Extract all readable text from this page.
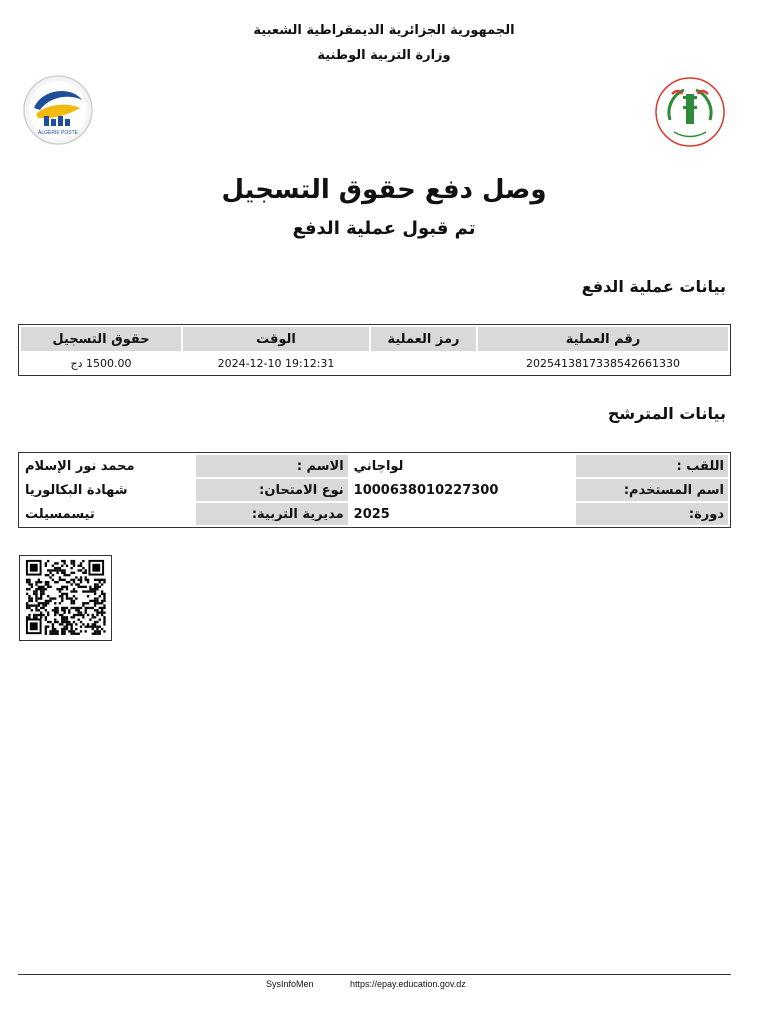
الجمهورية الجزائرية الديمقراطية الشعبية
وزارة التربية الوطنية
ALGÉRIE POSTE
وصل دفع حقوق التسجيل
تم قبول عملية الدفع
بيانات عملية الدفع
رقم العملية	رمز العملية	الوقت	حقوق التسجيل
2025413817338542661330		2024-12-10 19:12:31	1500.00 دج
بيانات المترشح
اللقب :	لواجاني	الاسم :	محمد نور الإسلام
اسم المستخدم:	1000638010227300	نوع الامتحان:	شهادة البكالوريا
دورة:	2025	مديرية التربية:	تيسمسيلت
SysInfoMen	https://epay.education.gov.dz
